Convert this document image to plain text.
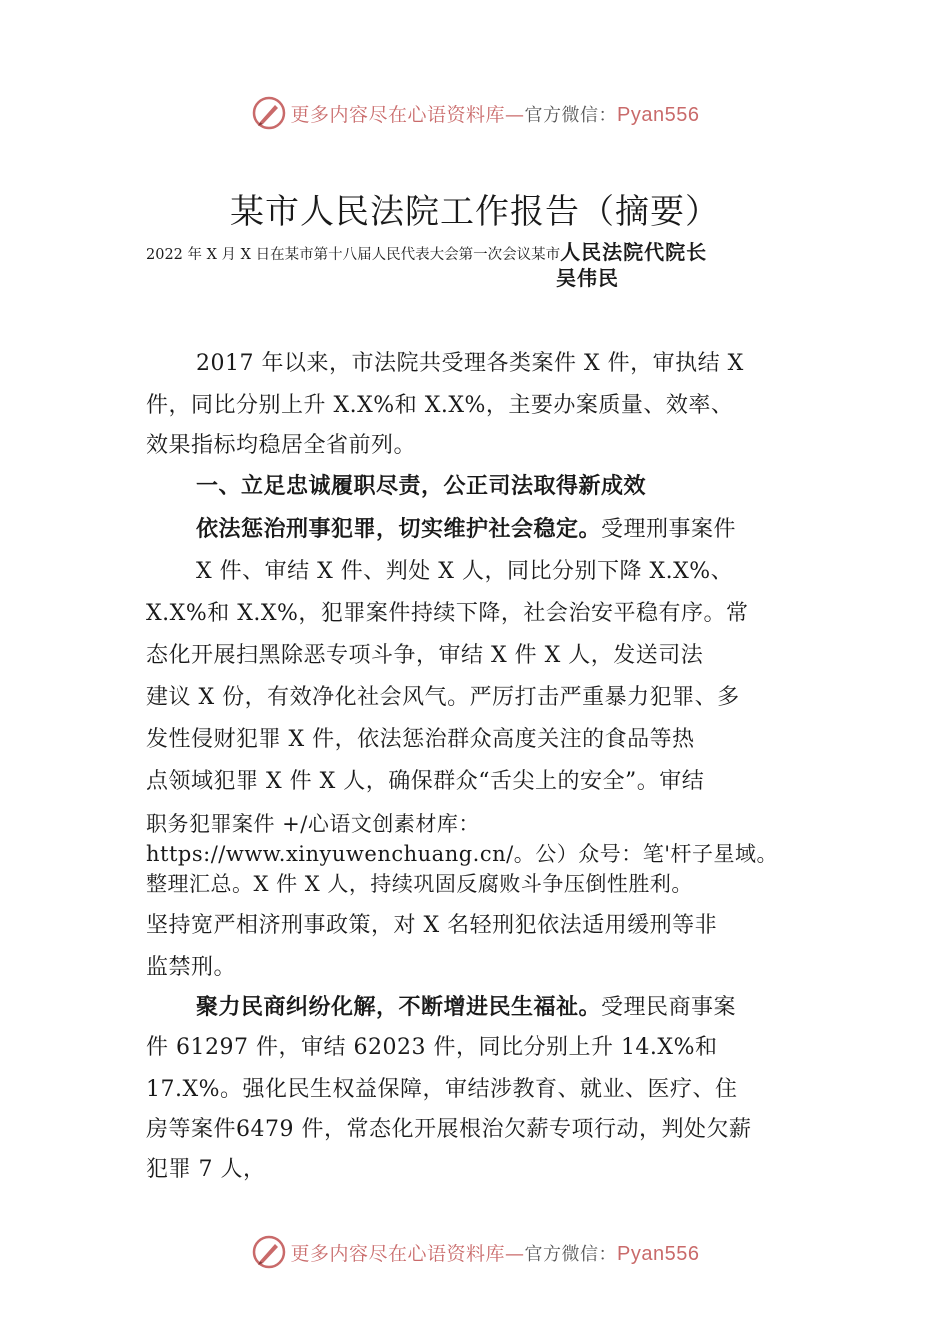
更多内容尽在心语资料库—官方微信：Pyan556
某市人民法院工作报告（摘要）
2022 年 X 月 X 日在某市第十八届人民代表大会第一次会议某市人民法院代院长
吴伟民
2017 年以来，市法院共受理各类案件 X 件，审执结 X
件，同比分别上升 X.X%和 X.X%，主要办案质量、效率、
效果指标均稳居全省前列。
一、立足忠诚履职尽责，公正司法取得新成效
依法惩治刑事犯罪，切实维护社会稳定。受理刑事案件
X 件、审结 X 件、判处 X 人，同比分别下降 X.X%、
X.X%和 X.X%，犯罪案件持续下降，社会治安平稳有序。常
态化开展扫黑除恶专项斗争，审结 X 件 X 人，发送司法
建议 X 份，有效净化社会风气。严厉打击严重暴力犯罪、多
发性侵财犯罪 X 件，依法惩治群众高度关注的食品等热
点领域犯罪 X 件 X 人，确保群众“舌尖上的安全”。审结
职务犯罪案件 +/心语文创素材库：
https://www.xinyuwenchuang.cn/。公）众号：笔'杆子星域。
整理汇总。X 件 X 人，持续巩固反腐败斗争压倒性胜利。
坚持宽严相济刑事政策，对 X 名轻刑犯依法适用缓刑等非
监禁刑。
聚力民商纠纷化解，不断增进民生福祉。受理民商事案
件 61297 件，审结 62023 件，同比分别上升 14.X%和
17.X%。强化民生权益保障，审结涉教育、就业、医疗、住
房等案件6479 件，常态化开展根治欠薪专项行动，判处欠薪
犯罪 7 人，
更多内容尽在心语资料库—官方微信：Pyan556
